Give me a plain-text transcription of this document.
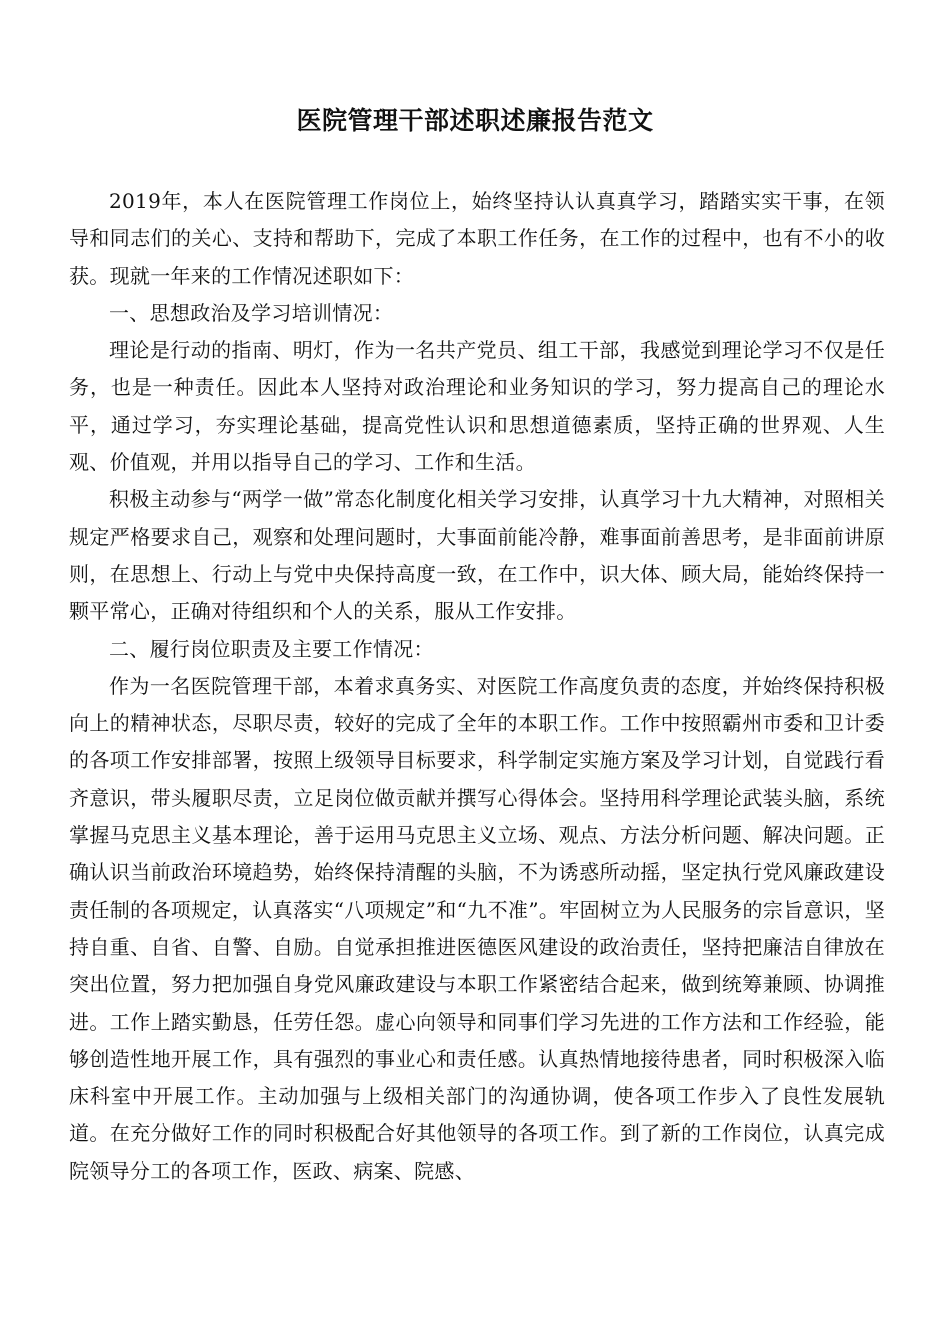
医院管理干部述职述廉报告范文

2019年，本人在医院管理工作岗位上，始终坚持认认真真学习，踏踏实实干事，在领导和同志们的关心、支持和帮助下，完成了本职工作任务，在工作的过程中，也有不小的收获。现就一年来的工作情况述职如下：

一、思想政治及学习培训情况：

理论是行动的指南、明灯，作为一名共产党员、组工干部，我感觉到理论学习不仅是任务，也是一种责任。因此本人坚持对政治理论和业务知识的学习，努力提高自己的理论水平，通过学习，夯实理论基础，提高党性认识和思想道德素质，坚持正确的世界观、人生观、价值观，并用以指导自己的学习、工作和生活。

积极主动参与“两学一做”常态化制度化相关学习安排，认真学习十九大精神，对照相关规定严格要求自己，观察和处理问题时，大事面前能冷静，难事面前善思考，是非面前讲原则，在思想上、行动上与党中央保持高度一致，在工作中，识大体、顾大局，能始终保持一颗平常心，正确对待组织和个人的关系，服从工作安排。

二、履行岗位职责及主要工作情况：

作为一名医院管理干部，本着求真务实、对医院工作高度负责的态度，并始终保持积极向上的精神状态，尽职尽责，较好的完成了全年的本职工作。工作中按照霸州市委和卫计委的各项工作安排部署，按照上级领导目标要求，科学制定实施方案及学习计划，自觉践行看齐意识，带头履职尽责，立足岗位做贡献并撰写心得体会。坚持用科学理论武装头脑，系统掌握马克思主义基本理论，善于运用马克思主义立场、观点、方法分析问题、解决问题。正确认识当前政治环境趋势，始终保持清醒的头脑，不为诱惑所动摇，坚定执行党风廉政建设责任制的各项规定，认真落实“八项规定”和“九不准”。牢固树立为人民服务的宗旨意识，坚持自重、自省、自警、自励。自觉承担推进医德医风建设的政治责任，坚持把廉洁自律放在突出位置，努力把加强自身党风廉政建设与本职工作紧密结合起来，做到统筹兼顾、协调推进。工作上踏实勤恳，任劳任怨。虚心向领导和同事们学习先进的工作方法和工作经验，能够创造性地开展工作，具有强烈的事业心和责任感。认真热情地接待患者，同时积极深入临床科室中开展工作。主动加强与上级相关部门的沟通协调，使各项工作步入了良性发展轨道。在充分做好工作的同时积极配合好其他领导的各项工作。到了新的工作岗位，认真完成院领导分工的各项工作，医政、病案、院感、
